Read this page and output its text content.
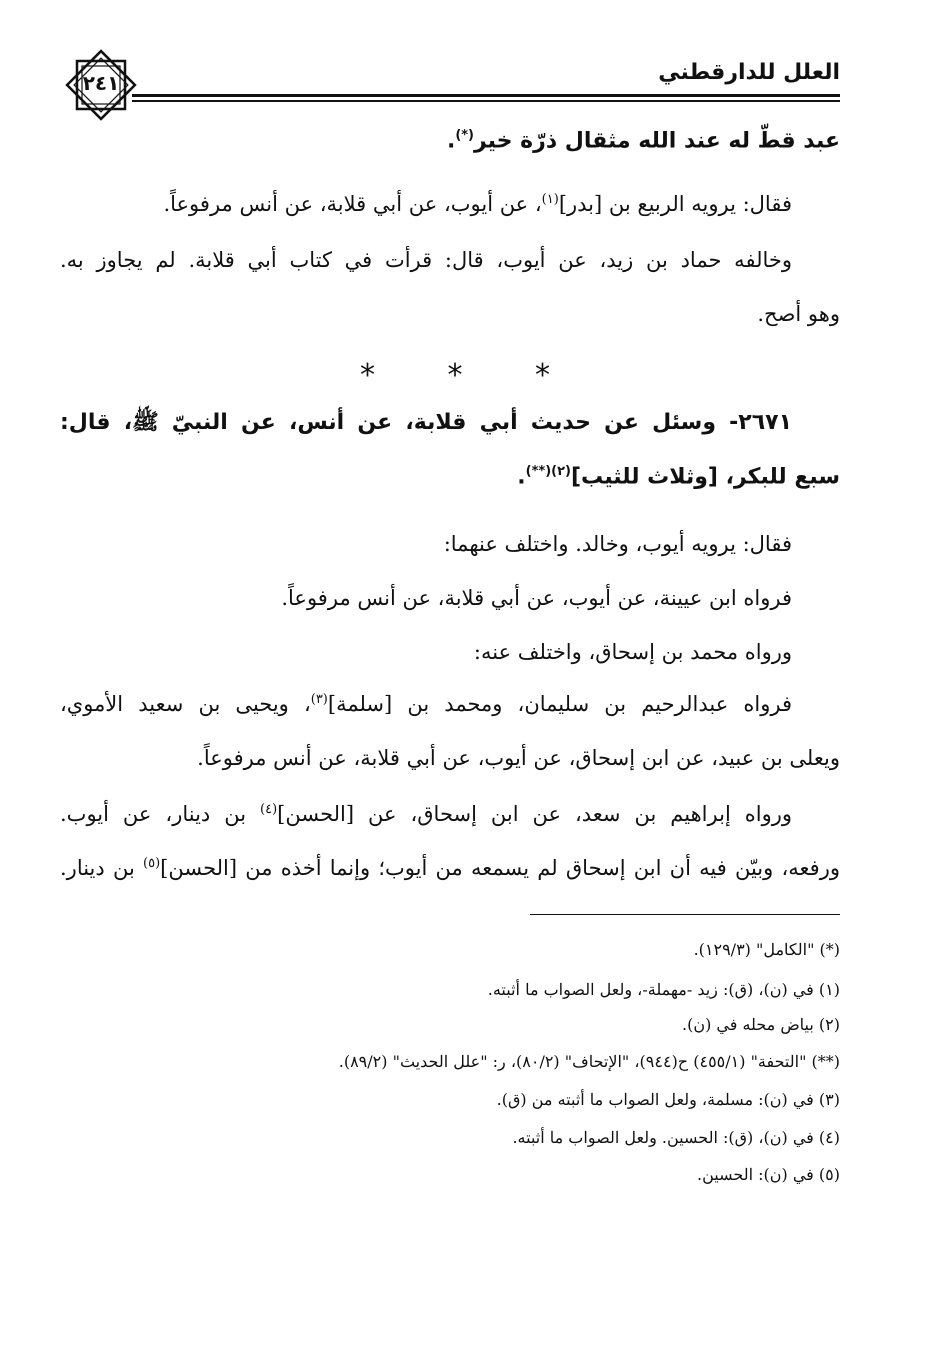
العلل للدارقطني
٢٤١
عبد قطّ له عند الله مثقال ذرّة خير(*).
فقال: يرويه الربيع بن [بدر]$^{(١)}$، عن أيوب، عن أبي قلابة، عن أنس مرفوعاً.
وخالفه حماد بن زيد، عن أيوب، قال: قرأت في كتاب أبي قلابة. لم يجاوز به.
وهو أصح.
* * *
٢٦٧١- وسئل عن حديث أبي قلابة، عن أنس، عن النبيّ ﷺ، قال:
سبع للبكر، [وثلاث للثيب]$^{(٢)(**)}$.
فقال: يرويه أيوب، وخالد. واختلف عنهما:
فرواه ابن عيينة، عن أيوب، عن أبي قلابة، عن أنس مرفوعاً.
ورواه محمد بن إسحاق، واختلف عنه:
فرواه عبدالرحيم بن سليمان، ومحمد بن [سلمة]$^{(٣)}$، ويحيى بن سعيد الأموي،
ويعلى بن عبيد، عن ابن إسحاق، عن أيوب، عن أبي قلابة، عن أنس مرفوعاً.
ورواه إبراهيم بن سعد، عن ابن إسحاق، عن [الحسن]$^{(٤)}$ بن دينار، عن أيوب.
ورفعه، وبيّن فيه أن ابن إسحاق لم يسمعه من أيوب؛ وإنما أخذه من [الحسن]$^{(٥)}$ بن دينار.
(*) "الكامل" (١٢٩/٣).
(١) في (ن)، (ق): زيد -مهملة-، ولعل الصواب ما أثبته.
(٢) بياض محله في (ن).
(**) "التحفة" (٤٥٥/١) ح(٩٤٤)، "الإتحاف" (٨٠/٢)، ر: "علل الحديث" (٨٩/٢).
(٣) في (ن): مسلمة، ولعل الصواب ما أثبته من (ق).
(٤) في (ن)، (ق): الحسين. ولعل الصواب ما أثبته.
(٥) في (ن): الحسين.
